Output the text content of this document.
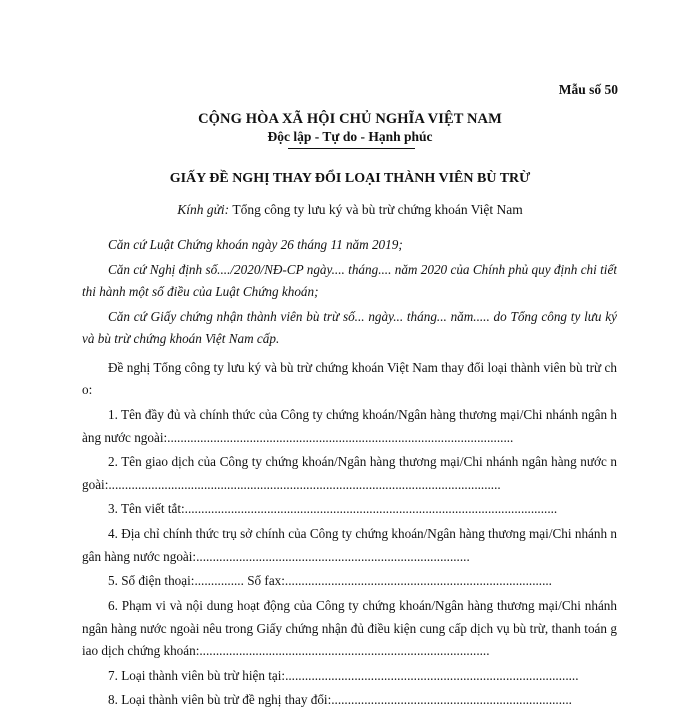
Mẫu số 50
CỘNG HÒA XÃ HỘI CHỦ NGHĨA VIỆT NAM
Độc lập - Tự do - Hạnh phúc
GIẤY ĐỀ NGHỊ THAY ĐỔI LOẠI THÀNH VIÊN BÙ TRỪ
Kính gửi: Tổng công ty lưu ký và bù trừ chứng khoán Việt Nam

Căn cứ Luật Chứng khoán ngày 26 tháng 11 năm 2019;

Căn cứ Nghị định số..../2020/NĐ-CP ngày.... tháng.... năm 2020 của Chính phủ quy định chi tiết thi hành một số điều của Luật Chứng khoán;

Căn cứ Giấy chứng nhận thành viên bù trừ số... ngày... tháng... năm..... do Tổng công ty lưu ký và bù trừ chứng khoán Việt Nam cấp.

Đề nghị Tổng công ty lưu ký và bù trừ chứng khoán Việt Nam thay đổi loại thành viên bù trừ cho:

1. Tên đầy đủ và chính thức của Công ty chứng khoán/Ngân hàng thương mại/Chi nhánh ngân hàng nước ngoài:.........................................................................................................

2. Tên giao dịch của Công ty chứng khoán/Ngân hàng thương mại/Chi nhánh ngân hàng nước ngoài:.......................................................................................................................

3. Tên viết tắt:.................................................................................................................

4. Địa chỉ chính thức trụ sở chính của Công ty chứng khoán/Ngân hàng thương mại/Chi nhánh ngân hàng nước ngoài:...................................................................................

5. Số điện thoại:............... Số fax:.................................................................................

6. Phạm vi và nội dung hoạt động của Công ty chứng khoán/Ngân hàng thương mại/Chi nhánh ngân hàng nước ngoài nêu trong Giấy chứng nhận đủ điều kiện cung cấp dịch vụ bù trừ, thanh toán giao dịch chứng khoán:........................................................................................

7. Loại thành viên bù trừ hiện tại:.........................................................................................

8. Loại thành viên bù trừ đề nghị thay đổi:.........................................................................
